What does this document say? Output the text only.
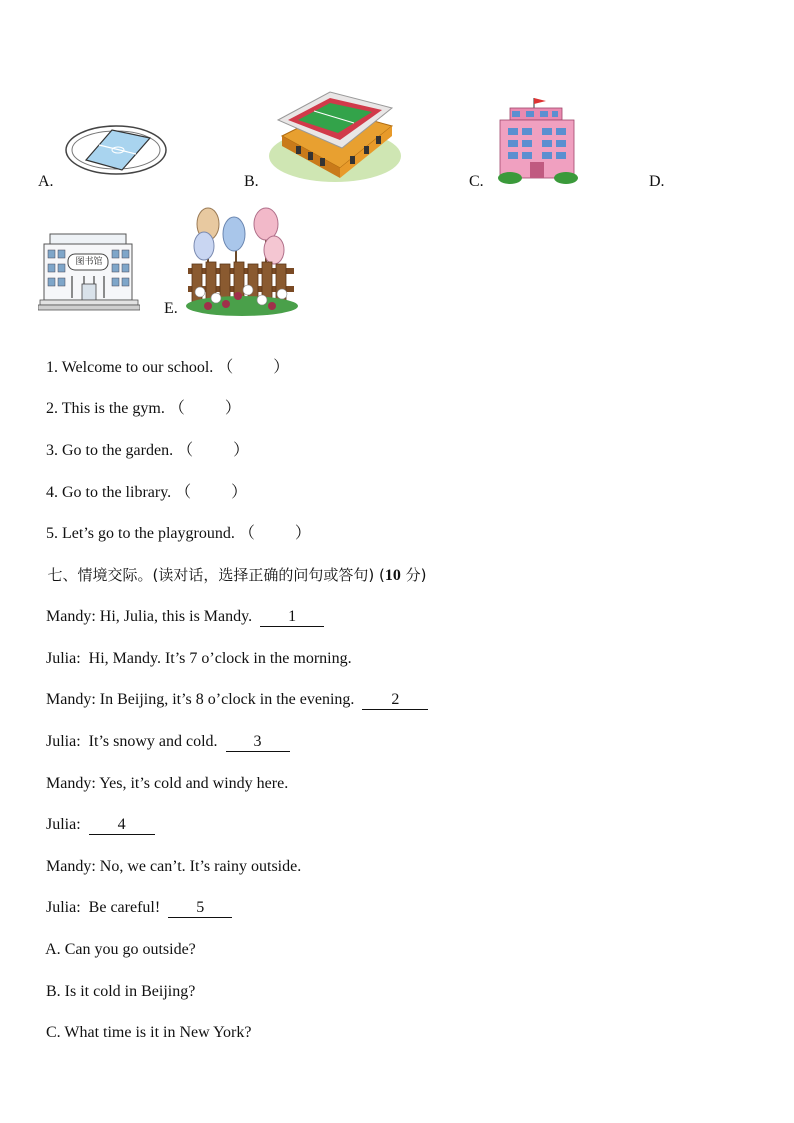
A.	B.	C.	D.
图书馆
E.

1. Welcome to our school. （	）

2. This is the gym. （	）

3. Go to the garden. （	）

4. Go to the library. （	）

5. Let’s go to the playground. （	）

七、情境交际。(读对话，选择正确的问句或答句) (10 分)

Mandy: Hi, Julia, this is Mandy. 1

Julia: Hi, Mandy. It’s 7 o’clock in the morning.

Mandy: In Beijing, it’s 8 o’clock in the evening. 2

Julia: It’s snowy and cold. 3

Mandy: Yes, it’s cold and windy here.

Julia: 4

Mandy: No, we can’t. It’s rainy outside.

Julia: Be careful! 5

A. Can you go outside?

B. Is it cold in Beijing?

C. What time is it in New York?
